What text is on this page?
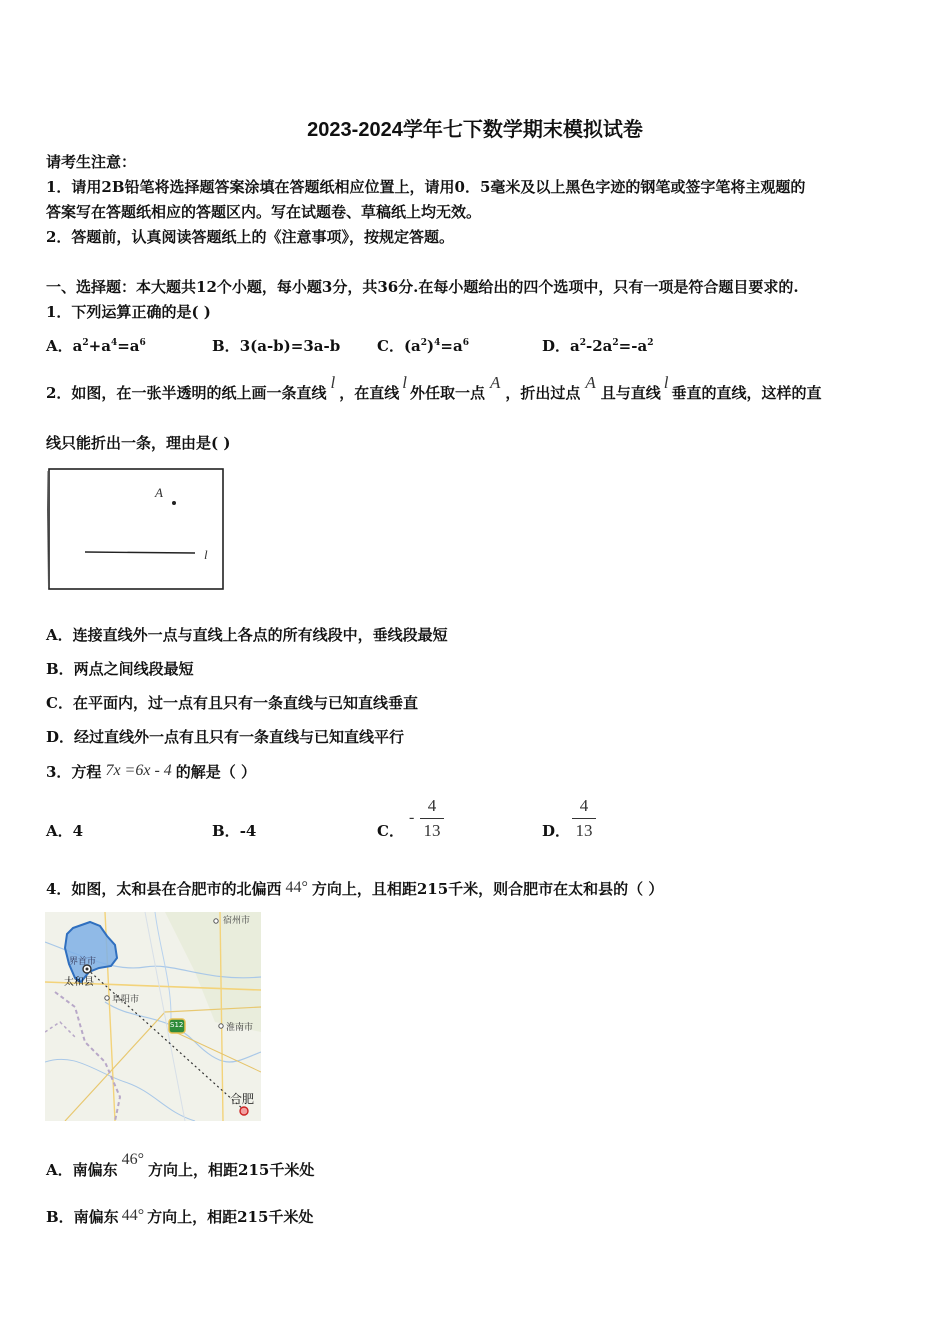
2023-2024学年七下数学期末模拟试卷
请考生注意：
1．请用2B铅笔将选择题答案涂填在答题纸相应位置上，请用0．5毫米及以上黑色字迹的钢笔或签字笔将主观题的
答案写在答题纸相应的答题区内。写在试题卷、草稿纸上均无效。
2．答题前，认真阅读答题纸上的《注意事项》，按规定答题。
一、选择题：本大题共12个小题，每小题3分，共36分.在每小题给出的四个选项中，只有一项是符合题目要求的.
1．下列运算正确的是( )
A．$a^2+a^4=a^6$	B．3(a-b)=3a-b C．$(a^2)^4=a^6$	D．$a^2-2a^2=-a^2$
2．如图，在一张半透明的纸上画一条直线l，在直线l外任取一点A，折出过点A且与直线l垂直的直线，这样的直
线只能折出一条，理由是( )
A
l
A．连接直线外一点与直线上各点的所有线段中，垂线段最短
B．两点之间线段最短
C．在平面内，过一点有且只有一条直线与已知直线垂直
D．经过直线外一点有且只有一条直线与已知直线平行
3．方程 7x =6x - 4 的解是（ ）
A．4	B．-4	C．
-
4
13	D．
4
13
4．如图，太和县在合肥市的北偏西 44° 方向上，且相距215千米，则合肥市在太和县的（ ）
宿州市
界首市
太和县
阜阳市
S12	淮南市
合肥
A．南偏东46°方向上，相距215千米处
B．南偏东 44° 方向上，相距215千米处
